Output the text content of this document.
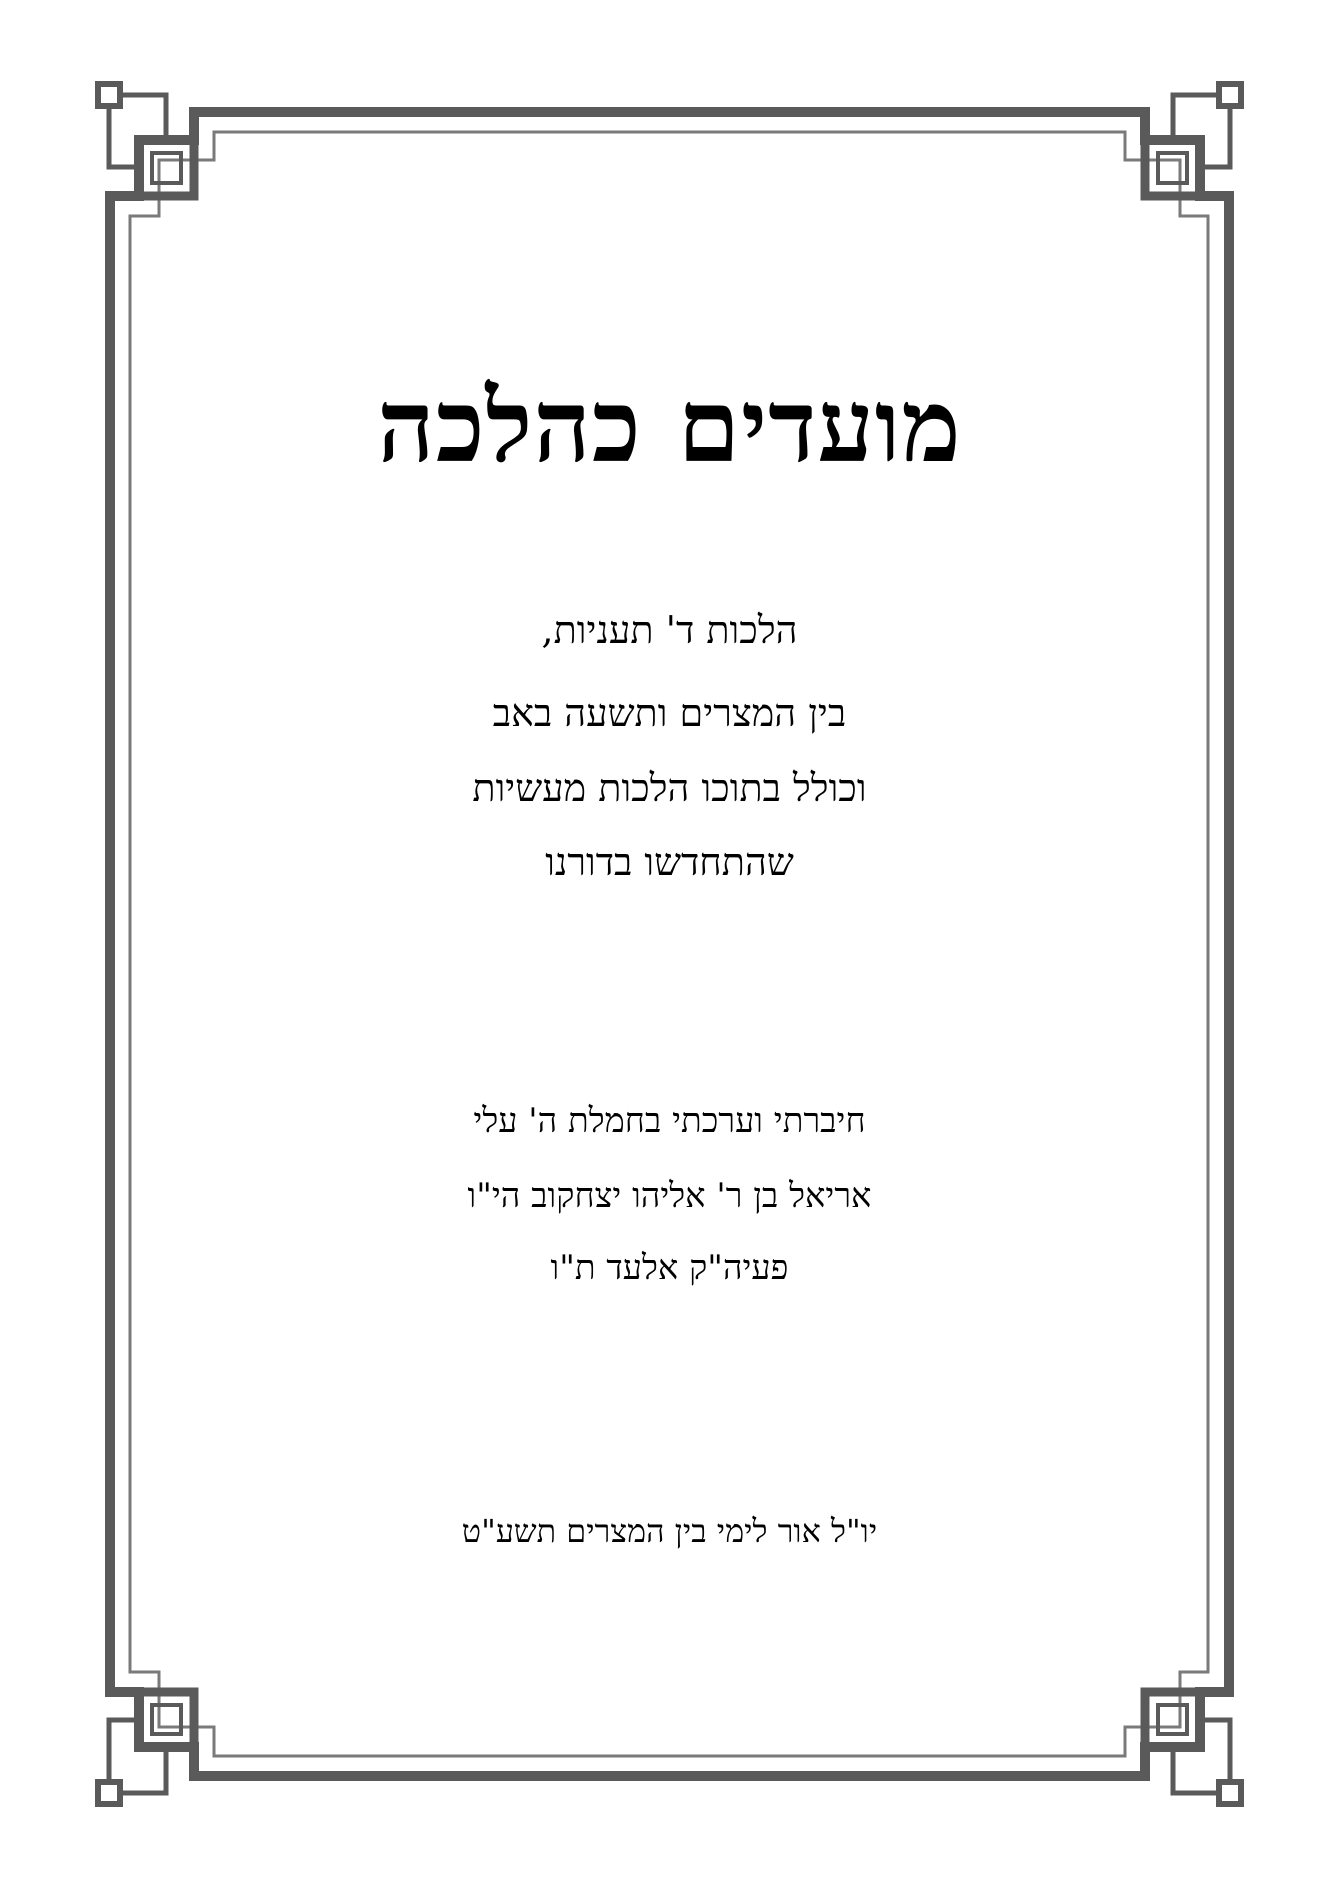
מועדים כהלכה
הלכות ד' תעניות,
בין המצרים ותשעה באב
וכולל בתוכו הלכות מעשיות
שהתחדשו בדורנו
חיברתי וערכתי בחמלת ה' עלי
אריאל בן ר' אליהו יצחקוב הי"ו
פעיה"ק אלעד ת"ו
יו"ל אור לימי בין המצרים תשע"ט
